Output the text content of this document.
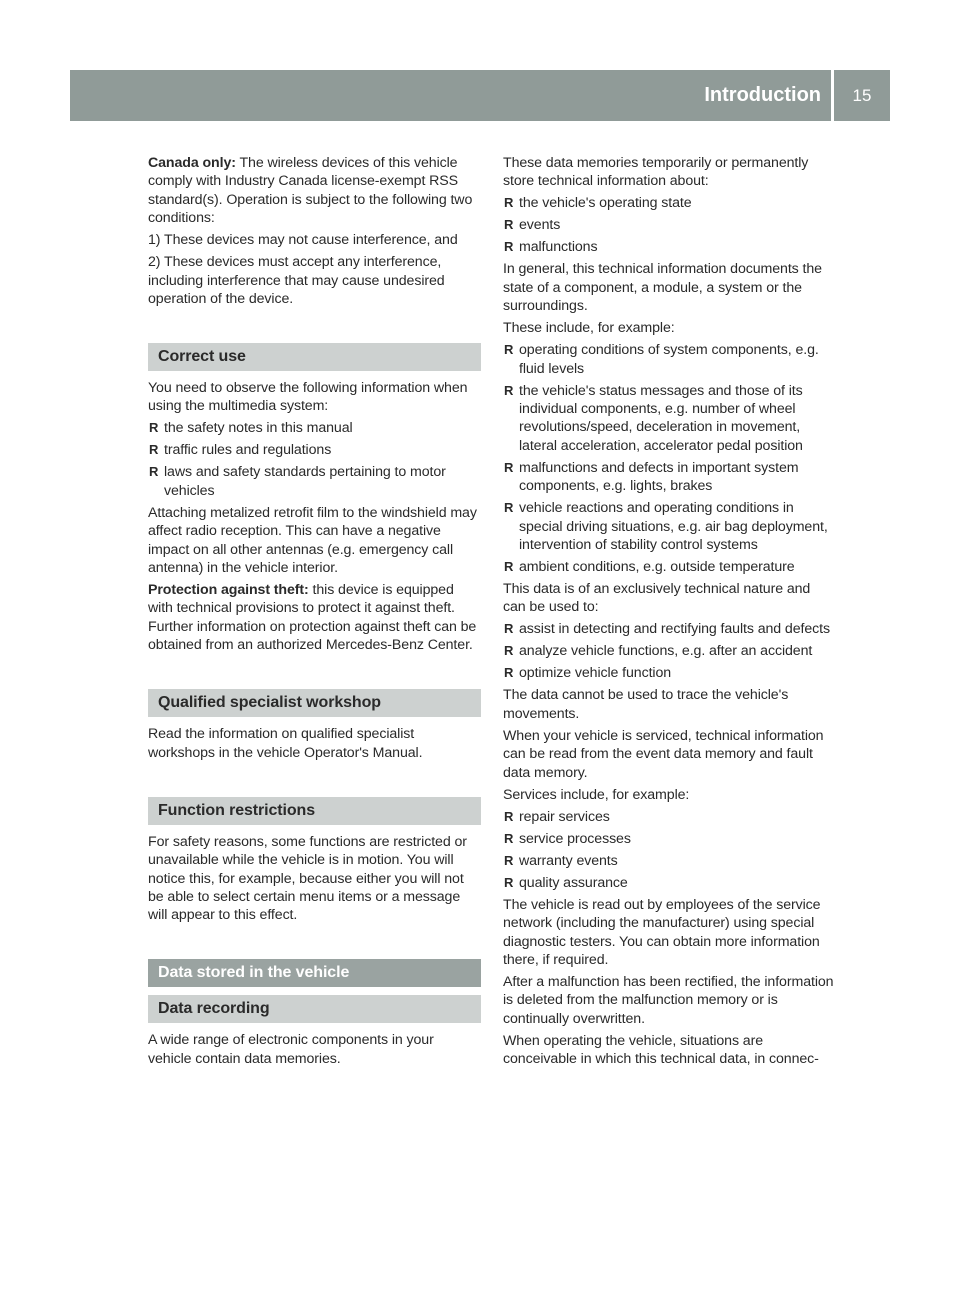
Introduction	15

Canada only: The wireless devices of this vehicle comply with Industry Canada license-exempt RSS standard(s). Operation is subject to the following two conditions:

1) These devices may not cause interference, and

2) These devices must accept any interference, including interference that may cause undesired operation of the device.

Correct use

You need to observe the following information when using the multimedia system:

R the safety notes in this manual
R traffic rules and regulations
R laws and safety standards pertaining to motor vehicles

Attaching metalized retrofit film to the windshield may affect radio reception. This can have a negative impact on all other antennas (e.g. emergency call antenna) in the vehicle interior.

Protection against theft: this device is equipped with technical provisions to protect it against theft. Further information on protection against theft can be obtained from an authorized Mercedes-Benz Center.

Qualified specialist workshop

Read the information on qualified specialist workshops in the vehicle Operator's Manual.

Function restrictions

For safety reasons, some functions are restricted or unavailable while the vehicle is in motion. You will notice this, for example, because either you will not be able to select certain menu items or a message will appear to this effect.

Data stored in the vehicle
Data recording

A wide range of electronic components in your vehicle contain data memories.

These data memories temporarily or permanently store technical information about:

R the vehicle's operating state
R events
R malfunctions

In general, this technical information documents the state of a component, a module, a system or the surroundings.

These include, for example:

R operating conditions of system components, e.g. fluid levels
R the vehicle's status messages and those of its individual components, e.g. number of wheel revolutions/speed, deceleration in movement, lateral acceleration, accelerator pedal position
R malfunctions and defects in important system components, e.g. lights, brakes
R vehicle reactions and operating conditions in special driving situations, e.g. air bag deployment, intervention of stability control systems
R ambient conditions, e.g. outside temperature

This data is of an exclusively technical nature and can be used to:

R assist in detecting and rectifying faults and defects
R analyze vehicle functions, e.g. after an accident
R optimize vehicle function

The data cannot be used to trace the vehicle's movements.

When your vehicle is serviced, technical information can be read from the event data memory and fault data memory.

Services include, for example:

R repair services
R service processes
R warranty events
R quality assurance

The vehicle is read out by employees of the service network (including the manufacturer) using special diagnostic testers. You can obtain more information there, if required.

After a malfunction has been rectified, the information is deleted from the malfunction memory or is continually overwritten.

When operating the vehicle, situations are conceivable in which this technical data, in connec-
